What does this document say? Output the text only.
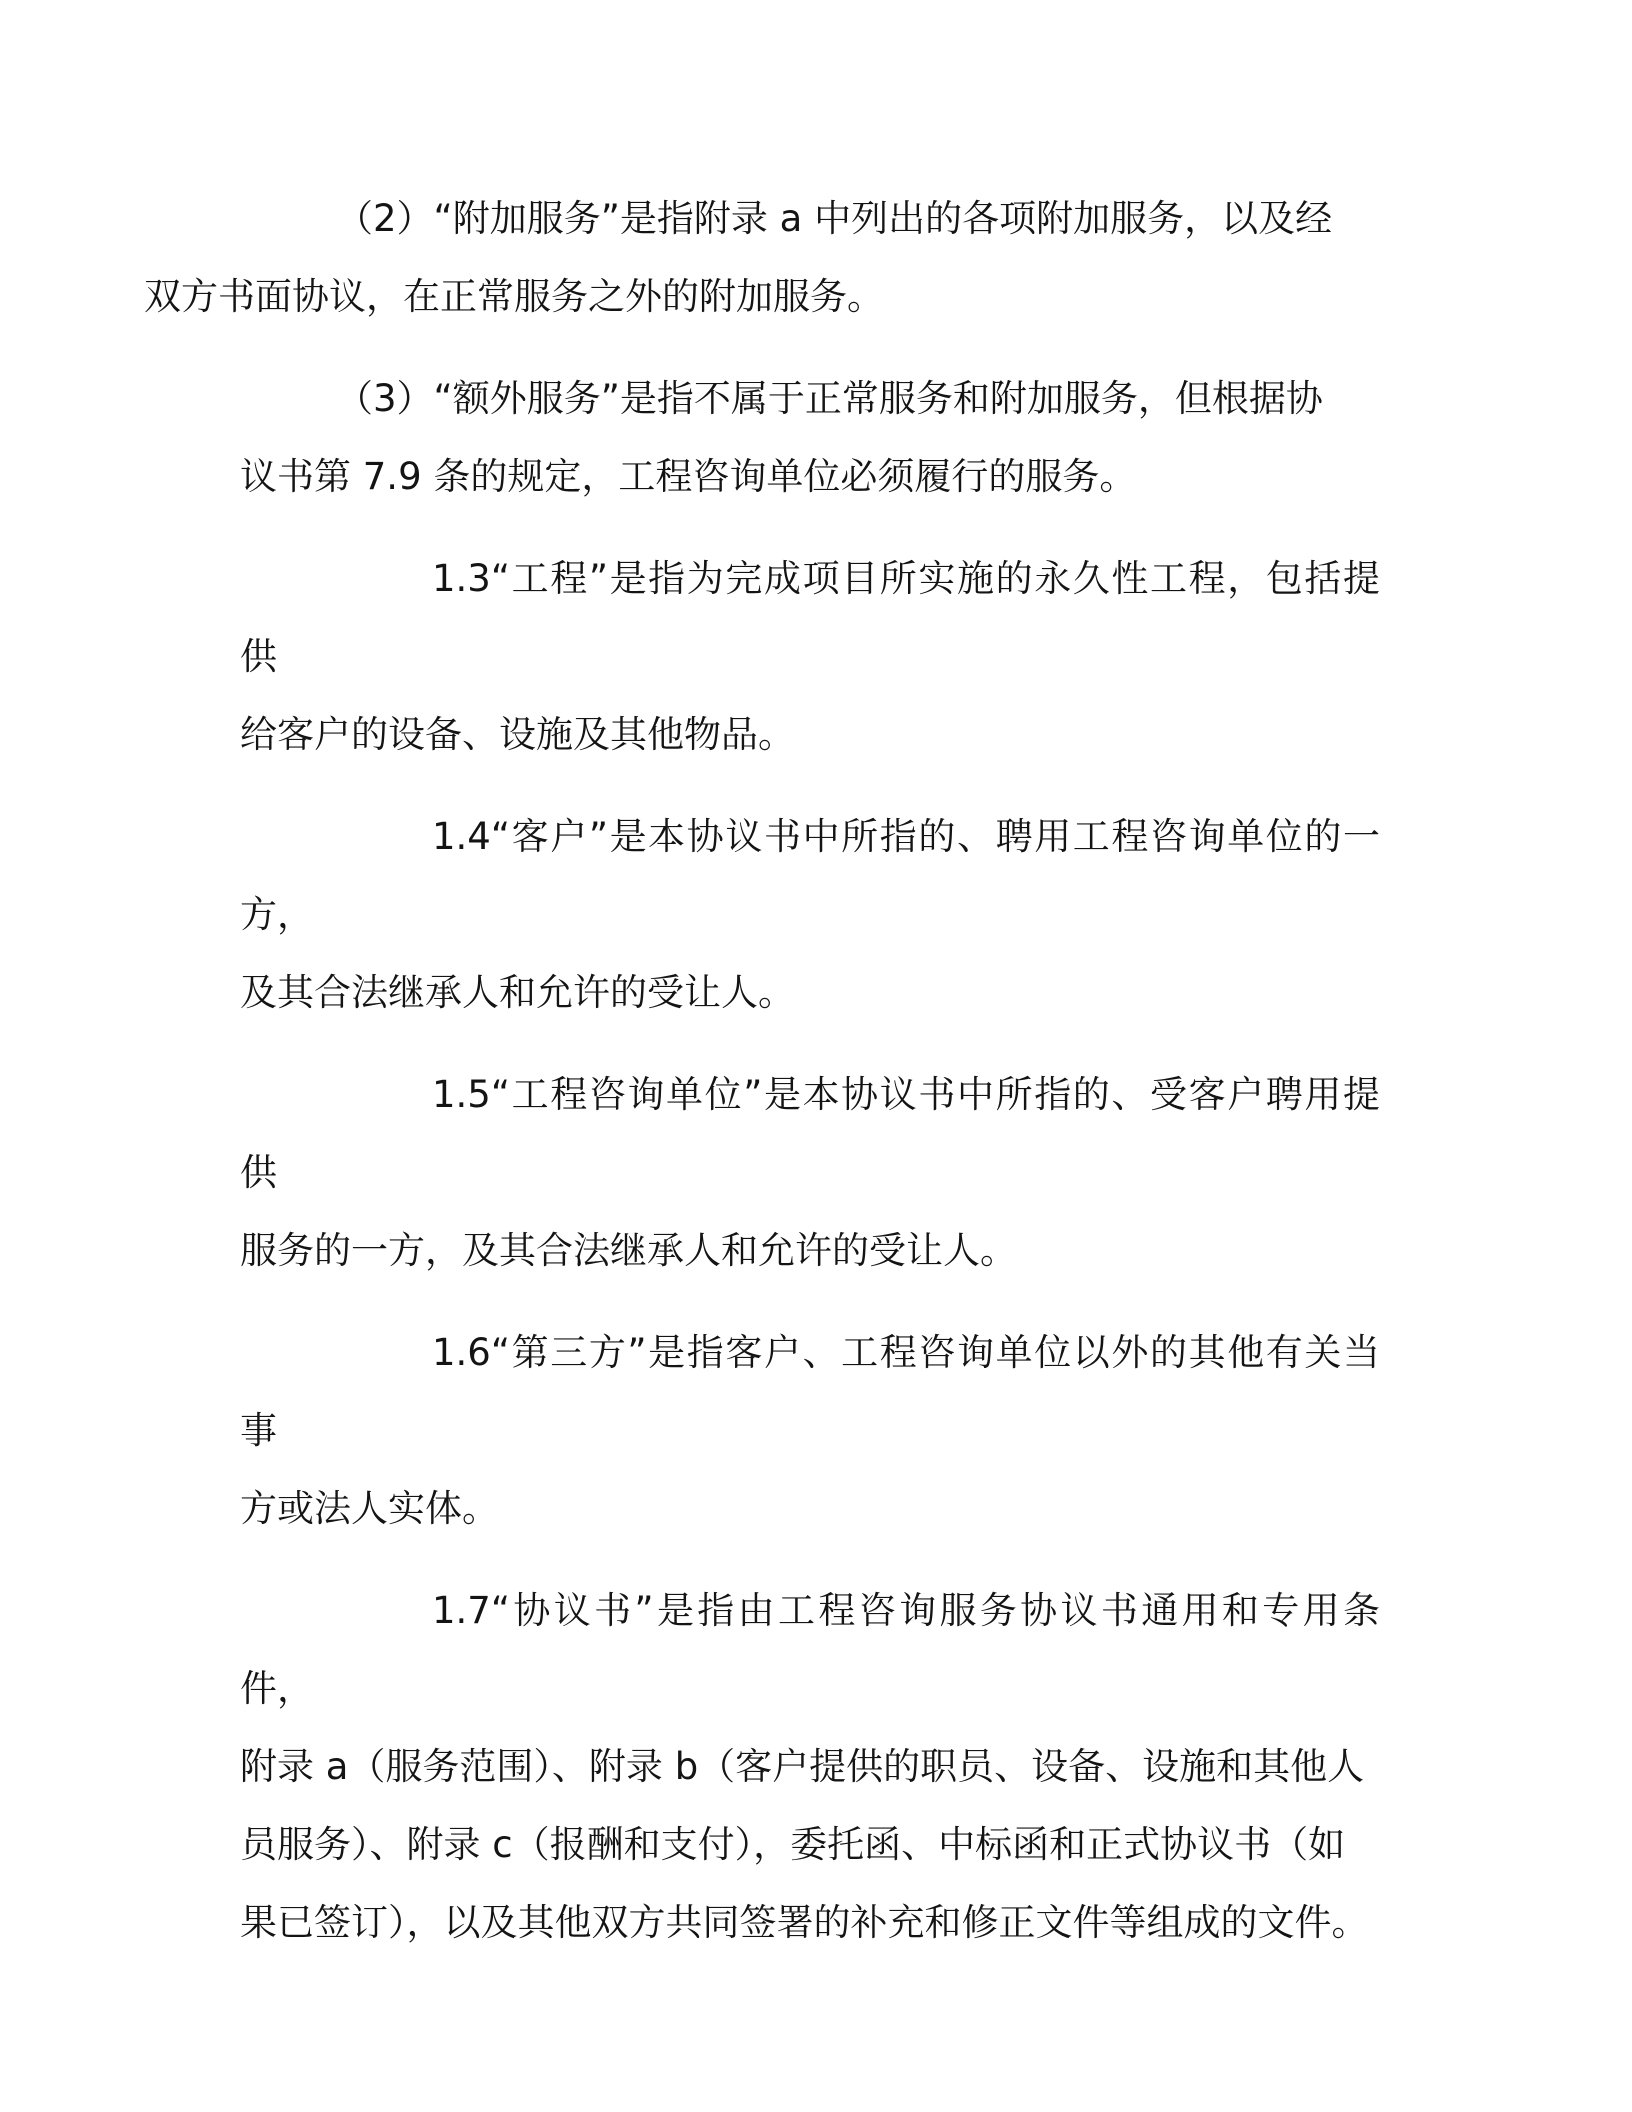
（2）“附加服务”是指附录 a 中列出的各项附加服务，以及经
双方书面协议，在正常服务之外的附加服务。
（3）“额外服务”是指不属于正常服务和附加服务，但根据协
议书第 7.9 条的规定，工程咨询单位必须履行的服务。
1.3“工程”是指为完成项目所实施的永久性工程，包括提供
给客户的设备、设施及其他物品。
1.4“客户”是本协议书中所指的、聘用工程咨询单位的一方，
及其合法继承人和允许的受让人。
1.5“工程咨询单位”是本协议书中所指的、受客户聘用提供
服务的一方，及其合法继承人和允许的受让人。
1.6“第三方”是指客户、工程咨询单位以外的其他有关当事
方或法人实体。
1.7“协议书”是指由工程咨询服务协议书通用和专用条件，
附录 a（服务范围）、附录 b（客户提供的职员、设备、设施和其他人
员服务）、附录 c（报酬和支付），委托函、中标函和正式协议书（如
果已签订），以及其他双方共同签署的补充和修正文件等组成的文件。
